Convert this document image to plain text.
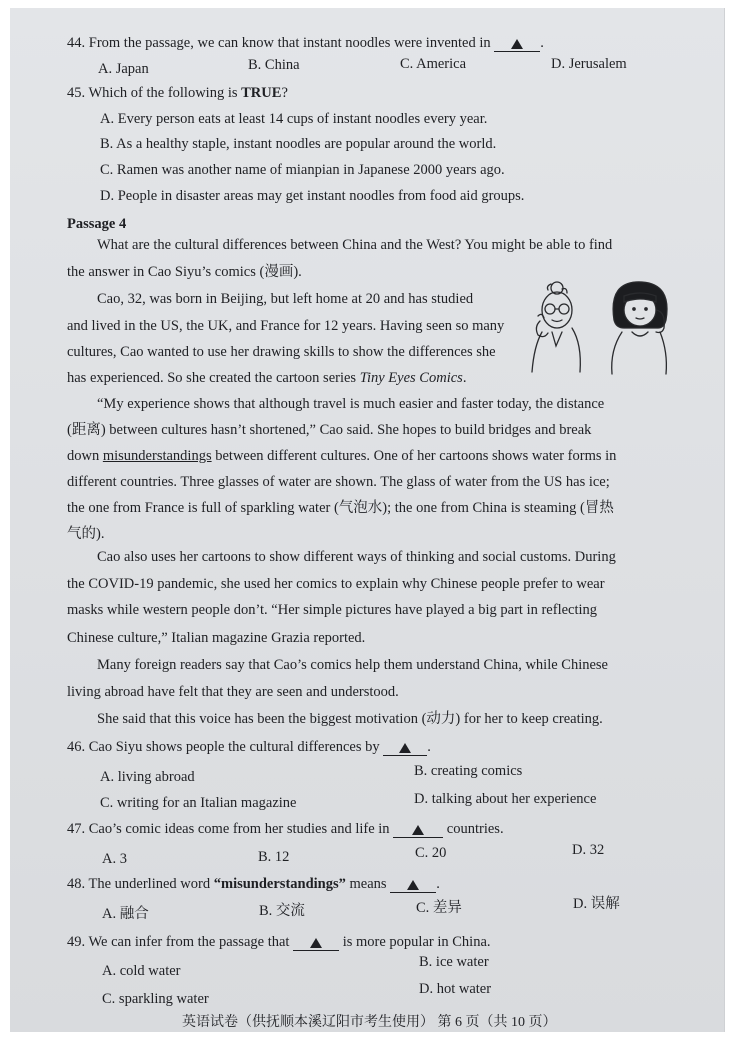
44. From the passage, we can know that instant noodles were invented in	.
A. Japan	B. China	C. America	D. Jerusalem
45. Which of the following is TRUE?
A. Every person eats at least 14 cups of instant noodles every year.
B. As a healthy staple, instant noodles are popular around the world.
C. Ramen was another name of mianpian in Japanese 2000 years ago.
D. People in disaster areas may get instant noodles from food aid groups.
Passage 4
What are the cultural differences between China and the West? You might be able to find
the answer in Cao Siyu’s comics (漫画).
Cao, 32, was born in Beijing, but left home at 20 and has studied
and lived in the US, the UK, and France for 12 years. Having seen so many
cultures, Cao wanted to use her drawing skills to show the differences she
has experienced. So she created the cartoon series Tiny Eyes Comics.
“My experience shows that although travel is much easier and faster today, the distance
(距离) between cultures hasn’t shortened,” Cao said. She hopes to build bridges and break
down misunderstandings between different cultures. One of her cartoons shows water forms in
different countries. Three glasses of water are shown. The glass of water from the US has ice;
the one from France is full of sparkling water (气泡水); the one from China is steaming (冒热
气的).
Cao also uses her cartoons to show different ways of thinking and social customs. During
the COVID-19 pandemic, she used her comics to explain why Chinese people prefer to wear
masks while western people don’t. “Her simple pictures have played a big part in reflecting
Chinese culture,” Italian magazine Grazia reported.
Many foreign readers say that Cao’s comics help them understand China, while Chinese
living abroad have felt that they are seen and understood.
She said that this voice has been the biggest motivation (动力) for her to keep creating.
46. Cao Siyu shows people the cultural differences by	.
A. living abroad	B. creating comics
C. writing for an Italian magazine	D. talking about her experience
47. Cao’s comic ideas come from her studies and life in	countries.
A. 3	B. 12	C. 20	D. 32
48. The underlined word “misunderstandings” means	.
A. 融合	B. 交流	C. 差异	D. 误解
49. We can infer from the passage that	is more popular in China.
A. cold water
B. ice water
C. sparkling water
D. hot water
英语试卷（供抚顺本溪辽阳市考生使用） 第 6 页（共 10 页）
